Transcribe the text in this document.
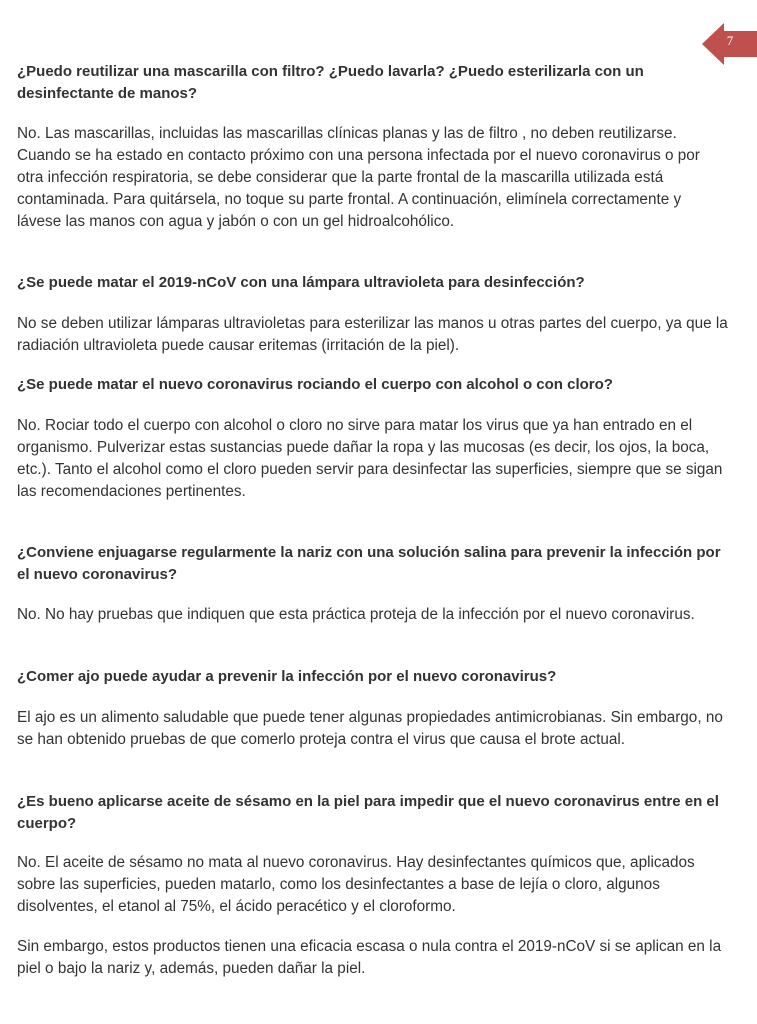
7
¿Puedo reutilizar una mascarilla con filtro? ¿Puedo lavarla? ¿Puedo esterilizarla con un desinfectante de manos?

No. Las mascarillas, incluidas las mascarillas clínicas planas y las de filtro , no deben reutilizarse. Cuando se ha estado en contacto próximo con una persona infectada por el nuevo coronavirus o por otra infección respiratoria, se debe considerar que la parte frontal de la mascarilla utilizada está contaminada. Para quitársela, no toque su parte frontal. A continuación, elimínela correctamente y lávese las manos con agua y jabón o con un gel hidroalcohólico.

¿Se puede matar el 2019-nCoV con una lámpara ultravioleta para desinfección?

No se deben utilizar lámparas ultravioletas para esterilizar las manos u otras partes del cuerpo, ya que la radiación ultravioleta puede causar eritemas (irritación de la piel).

¿Se puede matar el nuevo coronavirus rociando el cuerpo con alcohol o con cloro?

No. Rociar todo el cuerpo con alcohol o cloro no sirve para matar los virus que ya han entrado en el organismo. Pulverizar estas sustancias puede dañar la ropa y las mucosas (es decir, los ojos, la boca, etc.). Tanto el alcohol como el cloro pueden servir para desinfectar las superficies, siempre que se sigan las recomendaciones pertinentes.

¿Conviene enjuagarse regularmente la nariz con una solución salina para prevenir la infección por el nuevo coronavirus?

No. No hay pruebas que indiquen que esta práctica proteja de la infección por el nuevo coronavirus.

¿Comer ajo puede ayudar a prevenir la infección por el nuevo coronavirus?

El ajo es un alimento saludable que puede tener algunas propiedades antimicrobianas. Sin embargo, no se han obtenido pruebas de que comerlo proteja contra el virus que causa el brote actual.

¿Es bueno aplicarse aceite de sésamo en la piel para impedir que el nuevo coronavirus entre en el cuerpo?

No. El aceite de sésamo no mata al nuevo coronavirus. Hay desinfectantes químicos que, aplicados sobre las superficies, pueden matarlo, como los desinfectantes a base de lejía o cloro, algunos disolventes, el etanol al 75%, el ácido peracético y el cloroformo.

Sin embargo, estos productos tienen una eficacia escasa o nula contra el 2019-nCoV si se aplican en la piel o bajo la nariz y, además, pueden dañar la piel.
